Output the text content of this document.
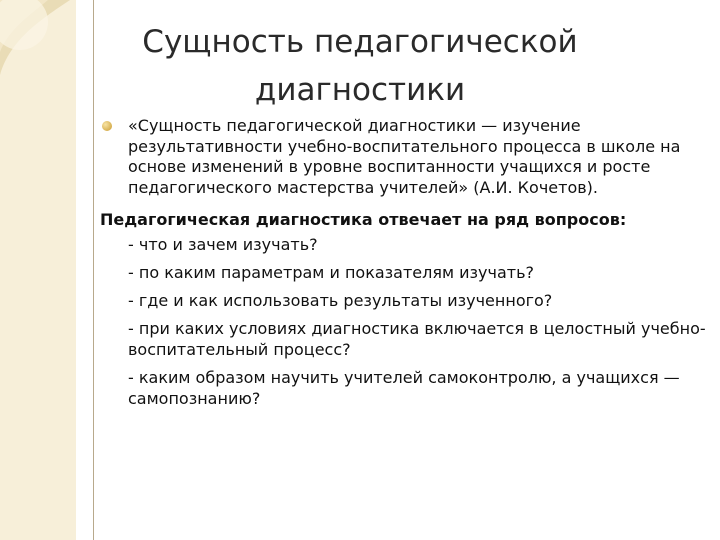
Сущность педагогической
диагностики
«Сущность педагогической диагностики — изучение результативности учебно-воспитательного процесса в школе на основе изменений в уровне воспитанности учащихся и росте педагогического мастерства учителей» (А.И. Кочетов).
Педагогическая диагностика отвечает на ряд вопросов:
- что и зачем изучать?
- по каким параметрам и показателям изучать?
- где и как использовать результаты изученного?
- при каких условиях диагностика включается в целостный учебно-воспитательный процесс?
- каким образом научить учителей самоконтролю, а учащихся — самопознанию?
